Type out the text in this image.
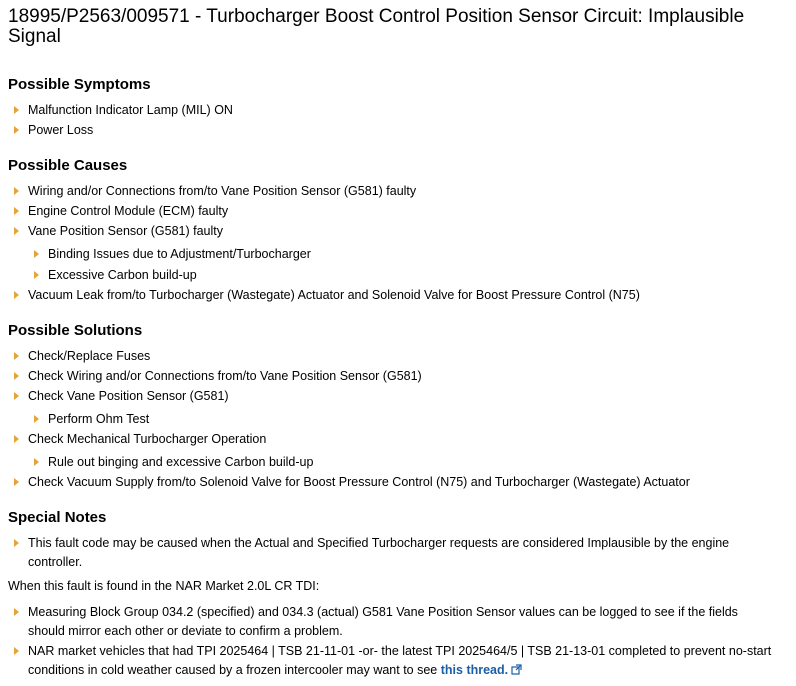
18995/P2563/009571 - Turbocharger Boost Control Position Sensor Circuit: Implausible Signal
Possible Symptoms
Malfunction Indicator Lamp (MIL) ON
Power Loss
Possible Causes
Wiring and/or Connections from/to Vane Position Sensor (G581) faulty
Engine Control Module (ECM) faulty
Vane Position Sensor (G581) faulty
Binding Issues due to Adjustment/Turbocharger
Excessive Carbon build-up
Vacuum Leak from/to Turbocharger (Wastegate) Actuator and Solenoid Valve for Boost Pressure Control (N75)
Possible Solutions
Check/Replace Fuses
Check Wiring and/or Connections from/to Vane Position Sensor (G581)
Check Vane Position Sensor (G581)
Perform Ohm Test
Check Mechanical Turbocharger Operation
Rule out binging and excessive Carbon build-up
Check Vacuum Supply from/to Solenoid Valve for Boost Pressure Control (N75) and Turbocharger (Wastegate) Actuator
Special Notes
This fault code may be caused when the Actual and Specified Turbocharger requests are considered Implausible by the engine controller.
When this fault is found in the NAR Market 2.0L CR TDI:
Measuring Block Group 034.2 (specified) and 034.3 (actual) G581 Vane Position Sensor values can be logged to see if the fields should mirror each other or deviate to confirm a problem.
NAR market vehicles that had TPI 2025464 | TSB 21-11-01 -or- the latest TPI 2025464/5 | TSB 21-13-01 completed to prevent no-start conditions in cold weather caused by a frozen intercooler may want to see this thread.
